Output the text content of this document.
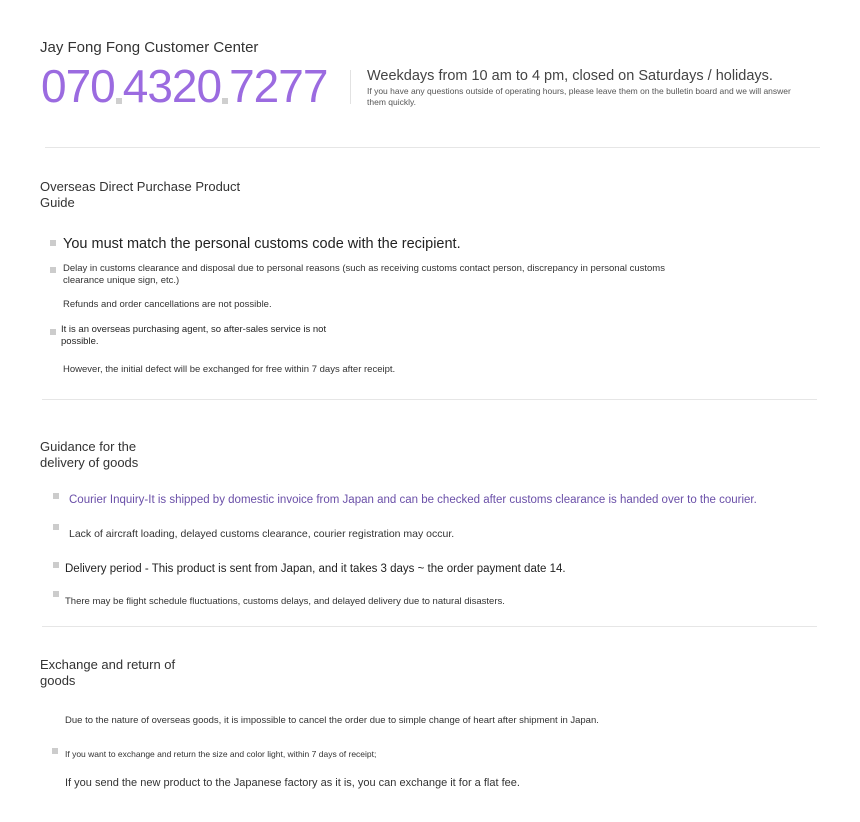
Jay Fong Fong Customer Center
070 4320 7277	Weekdays from 10 am to 4 pm, closed on Saturdays / holidays.
If you have any questions outside of operating hours, please leave them on the bulletin board and we will answer them quickly.
Overseas Direct Purchase Product Guide
You must match the personal customs code with the recipient.
Delay in customs clearance and disposal due to personal reasons (such as receiving customs contact person, discrepancy in personal customs clearance unique sign, etc.)
Refunds and order cancellations are not possible.
It is an overseas purchasing agent, so after-sales service is not possible.
However, the initial defect will be exchanged for free within 7 days after receipt.
Guidance for the delivery of goods
Courier Inquiry-It is shipped by domestic invoice from Japan and can be checked after customs clearance is handed over to the courier.
Lack of aircraft loading, delayed customs clearance, courier registration may occur.
Delivery period - This product is sent from Japan, and it takes 3 days ~ the order payment date 14.
There may be flight schedule fluctuations, customs delays, and delayed delivery due to natural disasters.
Exchange and return of goods
Due to the nature of overseas goods, it is impossible to cancel the order due to simple change of heart after shipment in Japan.
If you want to exchange and return the size and color light, within 7 days of receipt;
If you send the new product to the Japanese factory as it is, you can exchange it for a flat fee.
